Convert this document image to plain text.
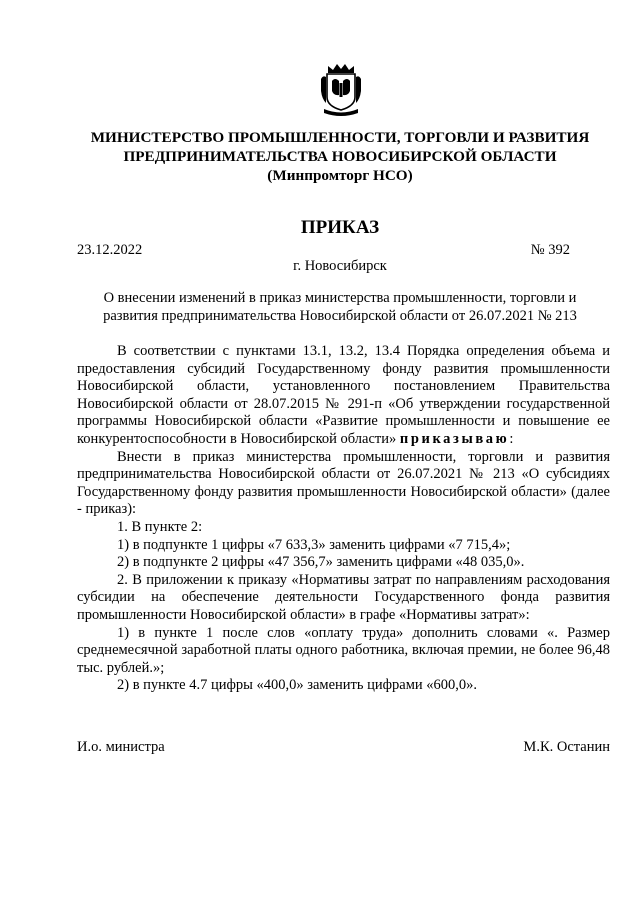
МИНИСТЕРСТВО ПРОМЫШЛЕННОСТИ, ТОРГОВЛИ И РАЗВИТИЯ
ПРЕДПРИНИМАТЕЛЬСТВА НОВОСИБИРСКОЙ ОБЛАСТИ
(Минпромторг НСО)
ПРИКАЗ
23.12.2022	№ 392
г. Новосибирск
О внесении изменений в приказ министерства промышленности, торговли и
развития предпринимательства Новосибирской области от 26.07.2021 № 213

В соответствии с пунктами 13.1, 13.2, 13.4 Порядка определения объема и предоставления субсидий Государственному фонду развития промышленности Новосибирской области, установленного постановлением Правительства Новосибирской области от 28.07.2015 № 291-п «Об утверждении государственной программы Новосибирской области «Развитие промышленности и повышение ее конкурентоспособности в Новосибирской области» приказываю:

Внести в приказ министерства промышленности, торговли и развития предпринимательства Новосибирской области от 26.07.2021 № 213 «О субсидиях Государственному фонду развития промышленности Новосибирской области» (далее - приказ):

1. В пункте 2:

1) в подпункте 1 цифры «7 633,3» заменить цифрами «7 715,4»;

2) в подпункте 2 цифры «47 356,7» заменить цифрами «48 035,0».

2. В приложении к приказу «Нормативы затрат по направлениям расходования субсидии на обеспечение деятельности Государственного фонда развития промышленности Новосибирской области» в графе «Нормативы затрат»:

1) в пункте 1 после слов «оплату труда» дополнить словами «. Размер среднемесячной заработной платы одного работника, включая премии, не более 96,48 тыс. рублей.»;

2) в пункте 4.7 цифры «400,0» заменить цифрами «600,0».

И.о. министра	М.К. Останин
